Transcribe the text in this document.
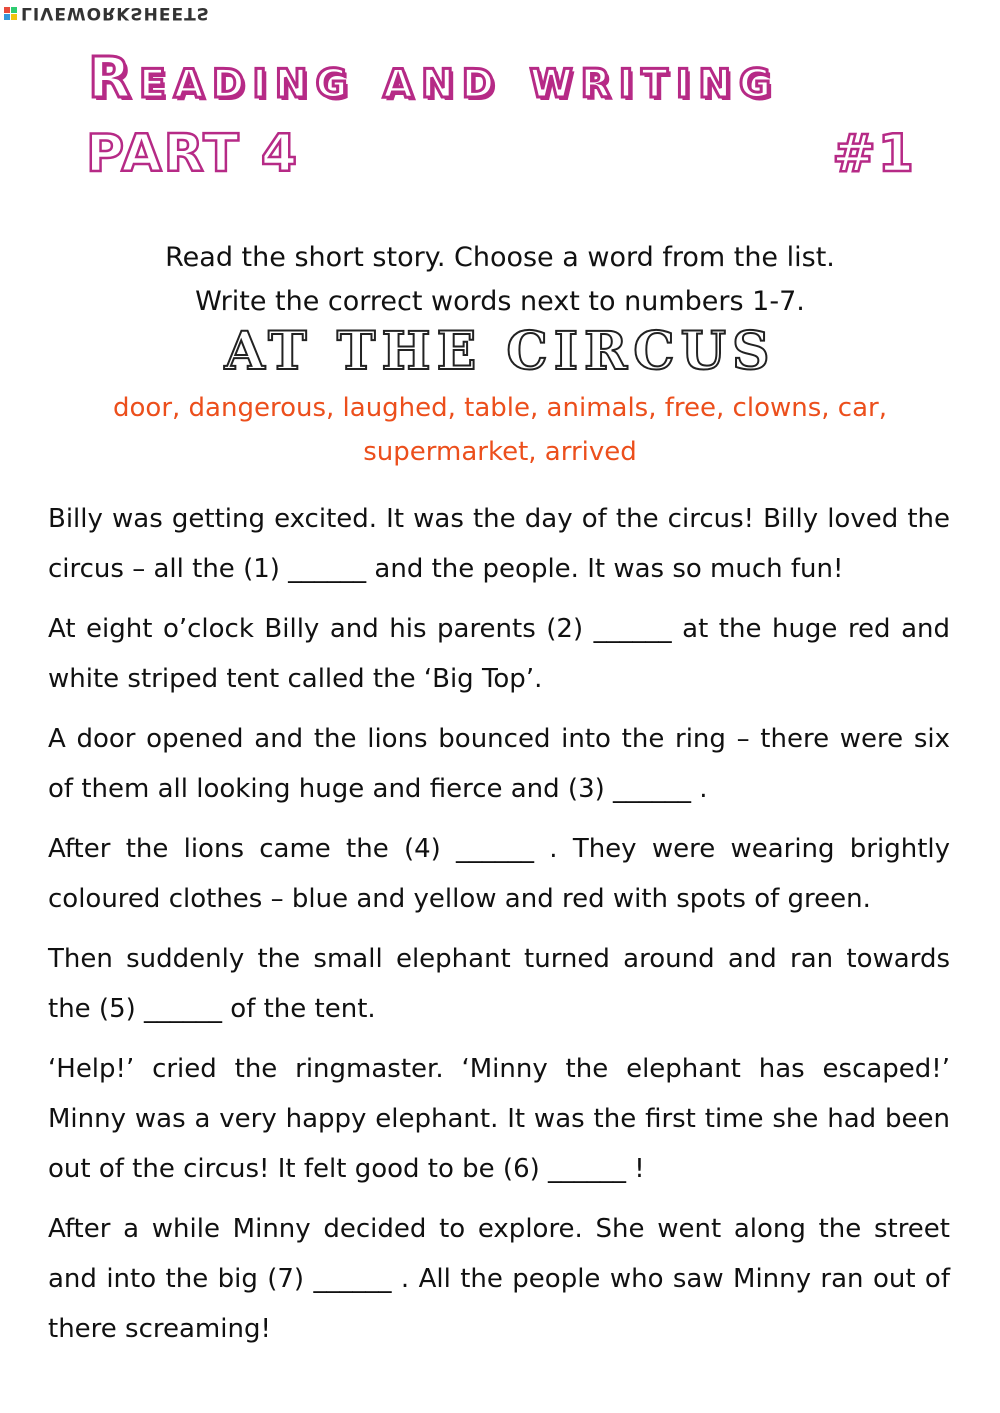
LIVEWORKSHEETS
Reading and writing
PART 4	#1
Read the short story. Choose a word from the list.
Write the correct words next to numbers 1-7.
AT THE CIRCUS
door, dangerous, laughed, table, animals, free, clowns, car,
supermarket, arrived

Billy was getting excited. It was the day of the circus! Billy loved the circus – all the (1) ______ and the people. It was so much fun!

At eight o’clock Billy and his parents (2) ______ at the huge red and white striped tent called the ‘Big Top’.

A door opened and the lions bounced into the ring – there were six of them all looking huge and fierce and (3) ______ .

After the lions came the (4) ______ . They were wearing brightly coloured clothes – blue and yellow and red with spots of green.

Then suddenly the small elephant turned around and ran towards the (5) ______ of the tent.

‘Help!’ cried the ringmaster. ‘Minny the elephant has escaped!’ Minny was a very happy elephant. It was the first time she had been out of the circus! It felt good to be (6) ______ !

After a while Minny decided to explore. She went along the street and into the big (7) ______ . All the people who saw Minny ran out of there screaming!
